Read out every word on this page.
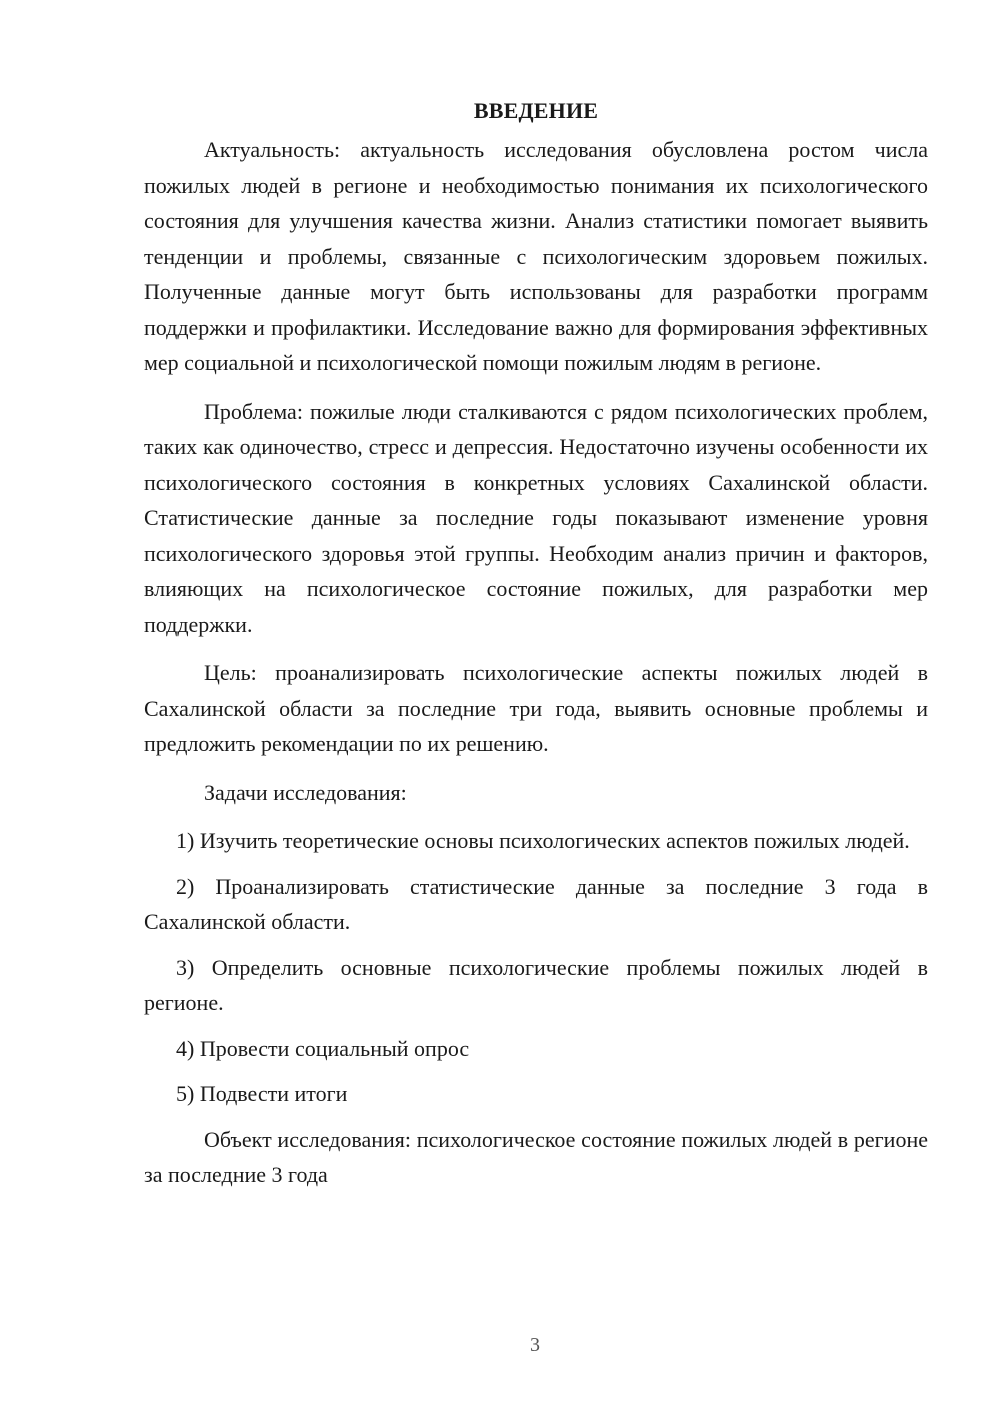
ВВЕДЕНИЕ

Актуальность: актуальность исследования обусловлена ростом числа пожилых людей в регионе и необходимостью понимания их психологического состояния для улучшения качества жизни. Анализ статистики помогает выявить тенденции и проблемы, связанные с психологическим здоровьем пожилых. Полученные данные могут быть использованы для разработки программ поддержки и профилактики. Исследование важно для формирования эффективных мер социальной и психологической помощи пожилым людям в регионе.

Проблема: пожилые люди сталкиваются с рядом психологических проблем, таких как одиночество, стресс и депрессия. Недостаточно изучены особенности их психологического состояния в конкретных условиях Сахалинской области. Статистические данные за последние годы показывают изменение уровня психологического здоровья этой группы. Необходим анализ причин и факторов, влияющих на психологическое состояние пожилых, для разработки мер поддержки.

Цель: проанализировать психологические аспекты пожилых людей в Сахалинской области за последние три года, выявить основные проблемы и предложить рекомендации по их решению.

Задачи исследования:

1) Изучить теоретические основы психологических аспектов пожилых людей.

2) Проанализировать статистические данные за последние 3 года в Сахалинской области.

3) Определить основные психологические проблемы пожилых людей в регионе.

4) Провести социальный опрос

5) Подвести итоги

Объект исследования: психологическое состояние пожилых людей в регионе за последние 3 года

3
